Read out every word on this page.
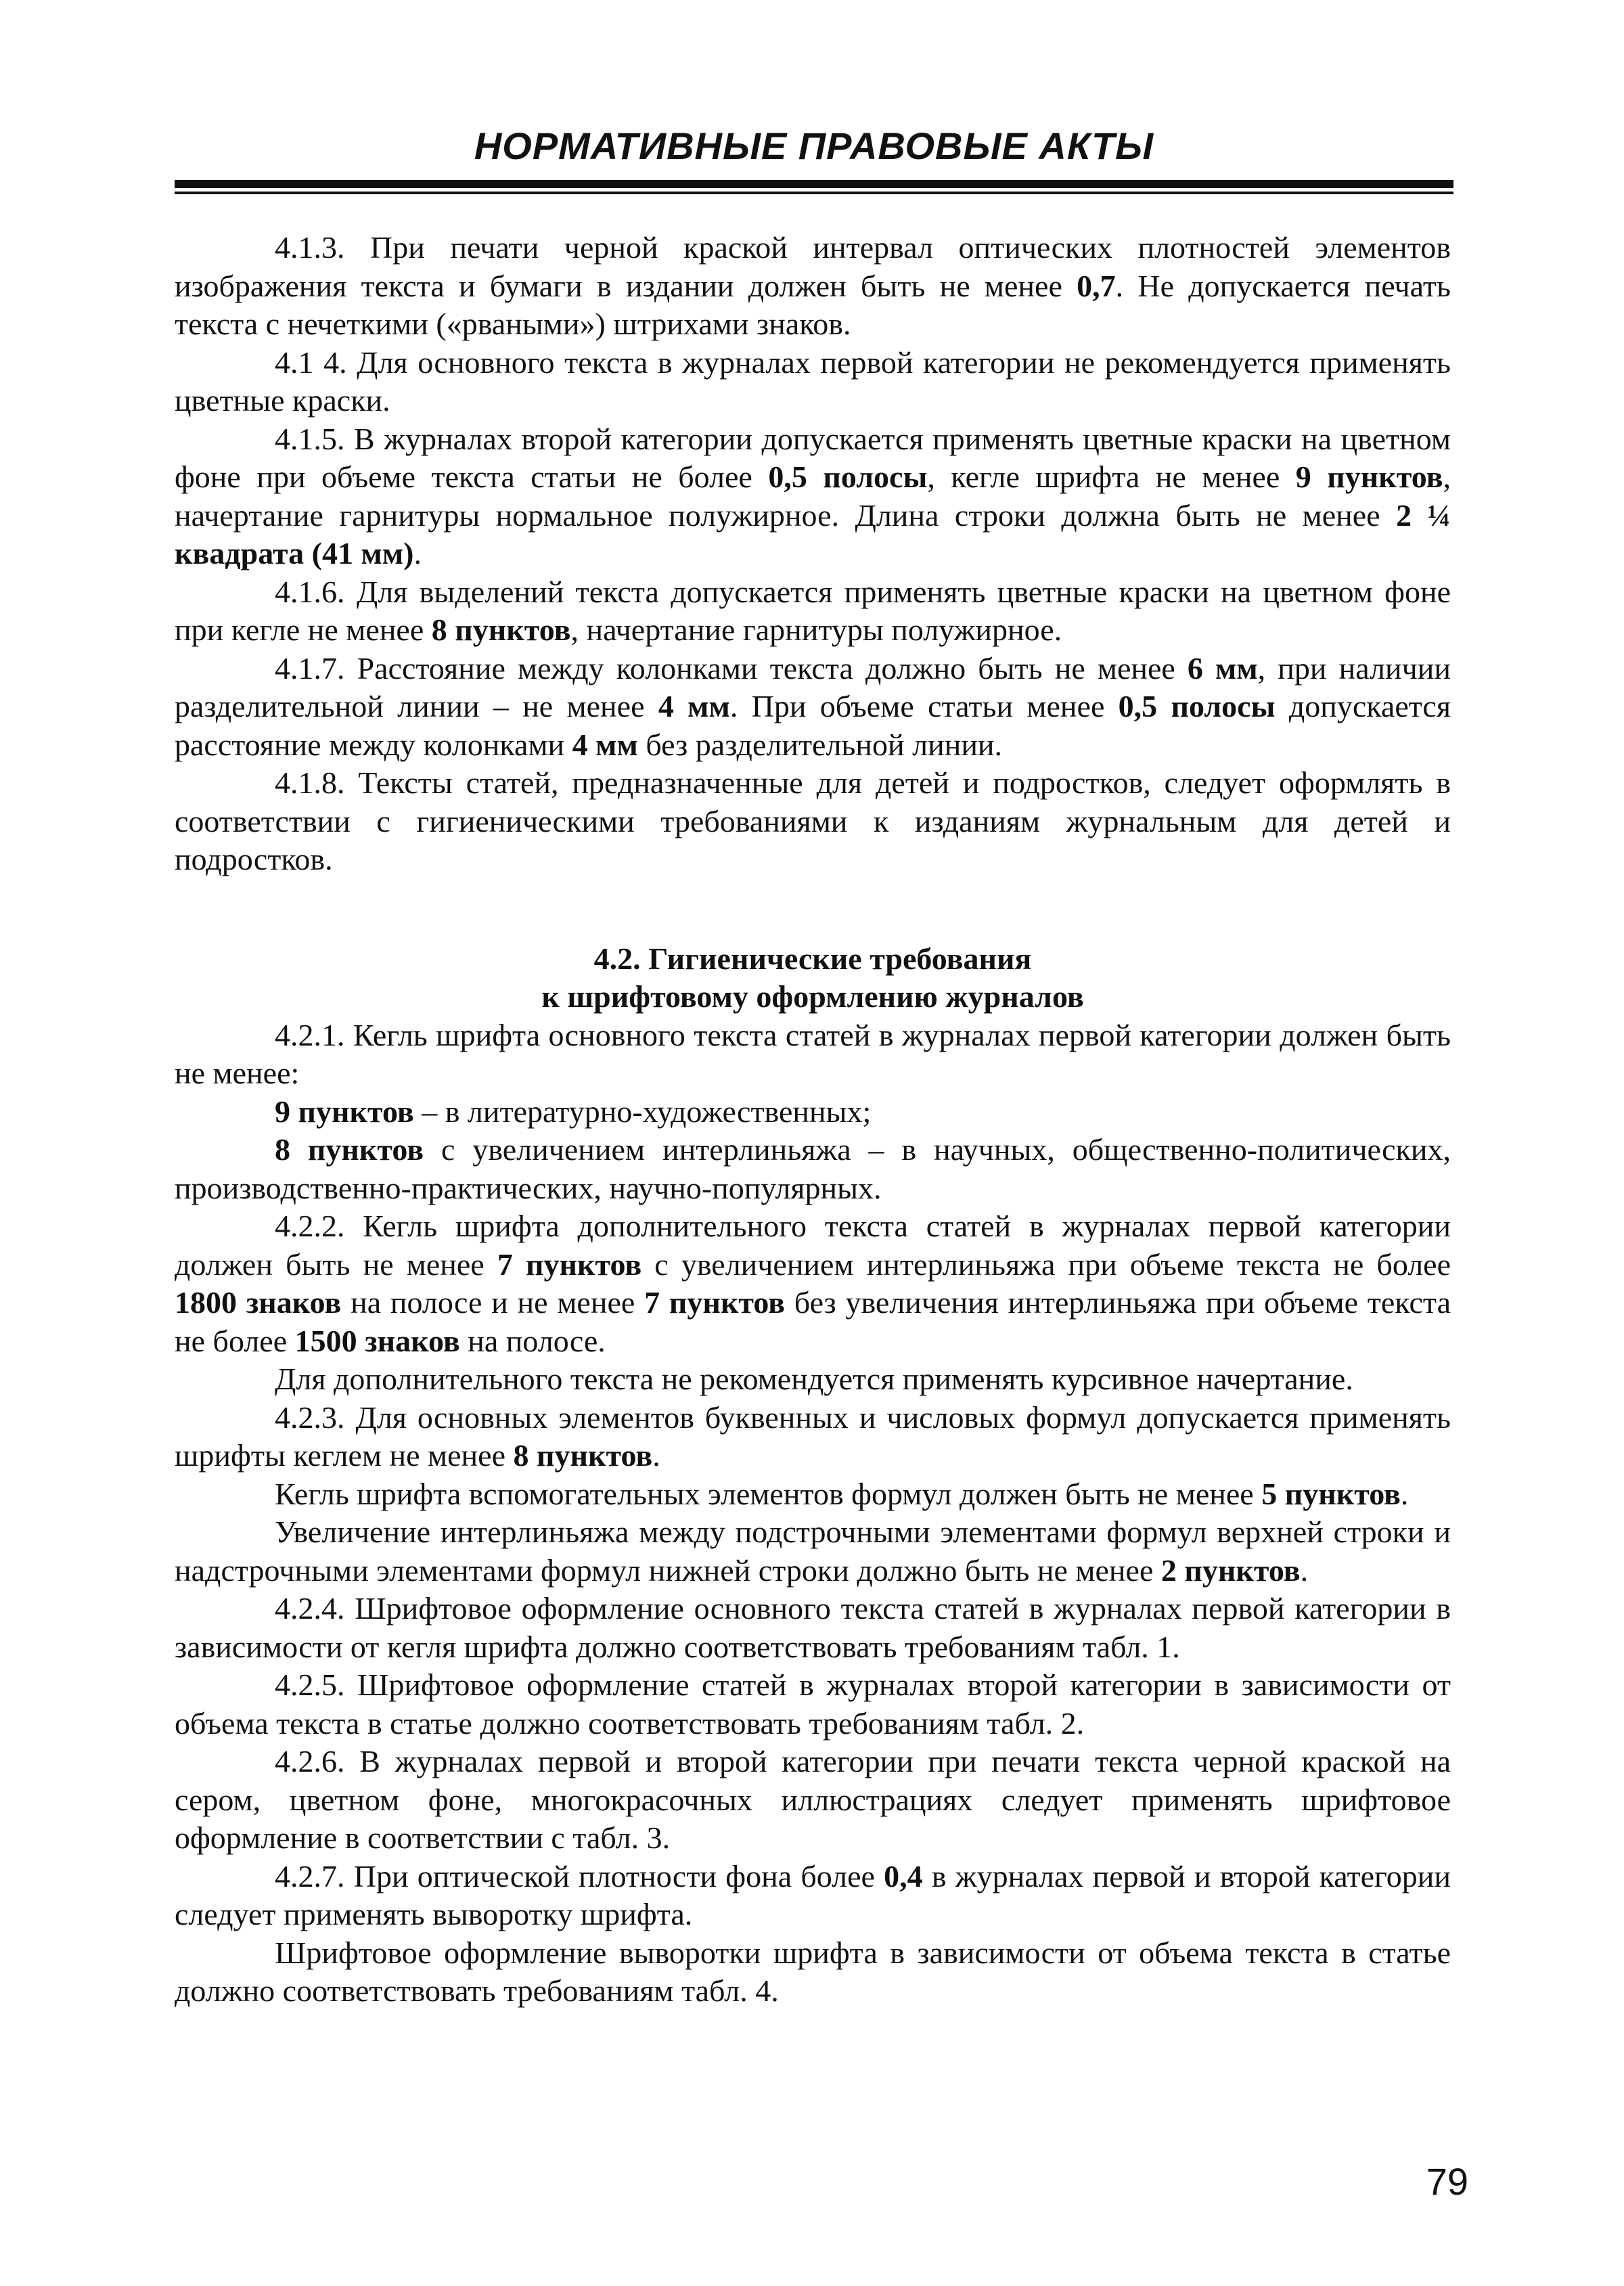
НОРМАТИВНЫЕ ПРАВОВЫЕ АКТЫ

4.1.3. При печати черной краской интервал оптических плотностей элементов изображения текста и бумаги в издании должен быть не менее 0,7. Не допускается печать текста с нечеткими («рваными») штрихами знаков.

4.1 4. Для основного текста в журналах первой категории не рекомендуется применять цветные краски.

4.1.5. В журналах второй категории допускается применять цветные краски на цветном фоне при объеме текста статьи не более 0,5 полосы, кегле шрифта не менее 9 пунктов, начертание гарнитуры нормальное полужирное. Длина строки должна быть не менее 2 ¼ квадрата (41 мм).

4.1.6. Для выделений текста допускается применять цветные краски на цветном фоне при кегле не менее 8 пунктов, начертание гарнитуры полужирное.

4.1.7. Расстояние между колонками текста должно быть не менее 6 мм, при наличии разделительной линии – не менее 4 мм. При объеме статьи менее 0,5 полосы допускается расстояние между колонками 4 мм без разделительной линии.

4.1.8. Тексты статей, предназначенные для детей и подростков, следует оформлять в соответствии с гигиеническими требованиями к изданиям журнальным для детей и подростков.

4.2. Гигиенические требования

к шрифтовому оформлению журналов

4.2.1. Кегль шрифта основного текста статей в журналах первой категории должен быть не менее:

9 пунктов – в литературно-художественных;

8 пунктов с увеличением интерлиньяжа – в научных, общественно-политических, производственно-практических, научно-популярных.

4.2.2. Кегль шрифта дополнительного текста статей в журналах первой категории должен быть не менее 7 пунктов с увеличением интерлиньяжа при объеме текста не более 1800 знаков на полосе и не менее 7 пунктов без увеличения интерлиньяжа при объеме текста не более 1500 знаков на полосе.

Для дополнительного текста не рекомендуется применять курсивное начертание.

4.2.3. Для основных элементов буквенных и числовых формул допускается применять шрифты кеглем не менее 8 пунктов.

Кегль шрифта вспомогательных элементов формул должен быть не менее 5 пунктов.

Увеличение интерлиньяжа между подстрочными элементами формул верхней строки и надстрочными элементами формул нижней строки должно быть не менее 2 пунктов.

4.2.4. Шрифтовое оформление основного текста статей в журналах первой категории в зависимости от кегля шрифта должно соответствовать требованиям табл. 1.

4.2.5. Шрифтовое оформление статей в журналах второй категории в зависимости от объема текста в статье должно соответствовать требованиям табл. 2.

4.2.6. В журналах первой и второй категории при печати текста черной краской на сером, цветном фоне, многокрасочных иллюстрациях следует применять шрифтовое оформление в соответствии с табл. 3.

4.2.7. При оптической плотности фона более 0,4 в журналах первой и второй категории следует применять выворотку шрифта.

Шрифтовое оформление выворотки шрифта в зависимости от объема текста в статье должно соответствовать требованиям табл. 4.

79
